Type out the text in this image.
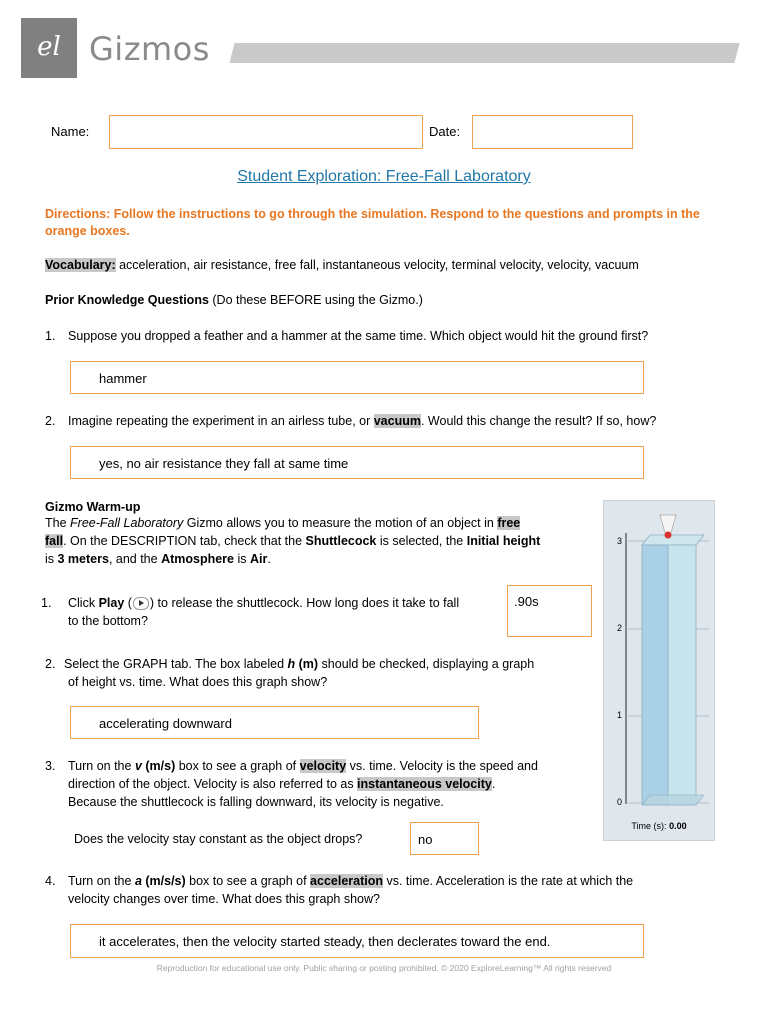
el Gizmos
Name:	Date:
Student Exploration: Free-Fall Laboratory
Directions: Follow the instructions to go through the simulation. Respond to the questions and prompts in the orange boxes.
Vocabulary: acceleration, air resistance, free fall, instantaneous velocity, terminal velocity, velocity, vacuum
Prior Knowledge Questions (Do these BEFORE using the Gizmo.)
1. Suppose you dropped a feather and a hammer at the same time. Which object would hit the ground first?
hammer
2. Imagine repeating the experiment in an airless tube, or vacuum. Would this change the result? If so, how?
yes, no air resistance they fall at same time
Gizmo Warm-up
The Free-Fall Laboratory Gizmo allows you to measure the motion of an object in free
fall. On the DESCRIPTION tab, check that the Shuttlecock is selected, the Initial height
is 3 meters, and the Atmosphere is Air.
1. Click Play ( ) to release the shuttlecock. How long does it take to fall
to the bottom?
.90s
2. Select the GRAPH tab. The box labeled h (m) should be checked, displaying a graph
of height vs. time. What does this graph show?
accelerating downward
3. Turn on the v (m/s) box to see a graph of velocity vs. time. Velocity is the speed and
direction of the object. Velocity is also referred to as instantaneous velocity.
Because the shuttlecock is falling downward, its velocity is negative.
Does the velocity stay constant as the object drops?	no
4. Turn on the a (m/s/s) box to see a graph of acceleration vs. time. Acceleration is the rate at which the
velocity changes over time. What does this graph show?
it accelerates, then the velocity started steady, then declerates toward the end.
3
2
1
0
Time (s): 0.00
Reproduction for educational use only. Public sharing or posting prohibited. © 2020 ExploreLearning™ All rights reserved
